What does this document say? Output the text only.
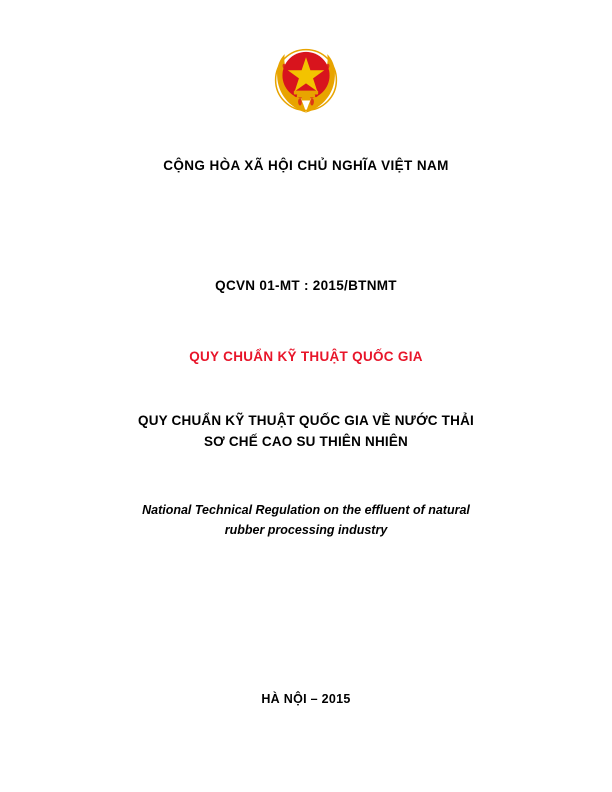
CỘNG HÒA XÃ HỘI CHỦ NGHĨA VIỆT NAM
QCVN 01-MT : 2015/BTNMT
QUY CHUẨN KỸ THUẬT QUỐC GIA
QUY CHUẨN KỸ THUẬT QUỐC GIA VỀ NƯỚC THẢI
SƠ CHẾ CAO SU THIÊN NHIÊN
National Technical Regulation on the effluent of natural
rubber processing industry
HÀ NỘI – 2015
